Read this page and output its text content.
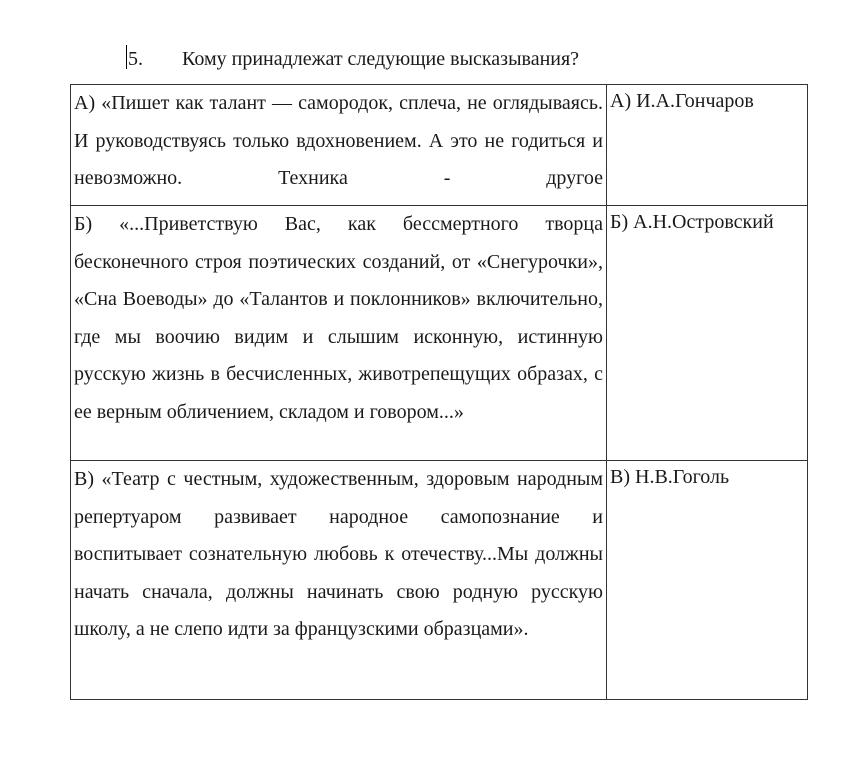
5. Кому принадлежат следующие высказывания?
А) «Пишет как талант — самородок, сплеча, не оглядываясь. И руководствуясь только вдохновением. А это не годиться и невозможно. Техника - другое	А) И.А.Гончаров
Б) «...Приветствую Вас, как бессмертного творца бесконечного строя поэтических созданий, от «Снегурочки», «Сна Воеводы» до «Талантов и поклонников» включительно, где мы воочию видим и слышим исконную, истинную русскую жизнь в бесчисленных, животрепещущих образах, с ее верным обличением, складом и говором...»	Б) А.Н.Островский
В) «Театр с честным, художественным, здоровым народным репертуаром развивает народное самопознание и воспитывает сознательную любовь к отечеству...Мы должны начать сначала, должны начинать свою родную русскую школу, а не слепо идти за французскими образцами».	В) Н.В.Гоголь
